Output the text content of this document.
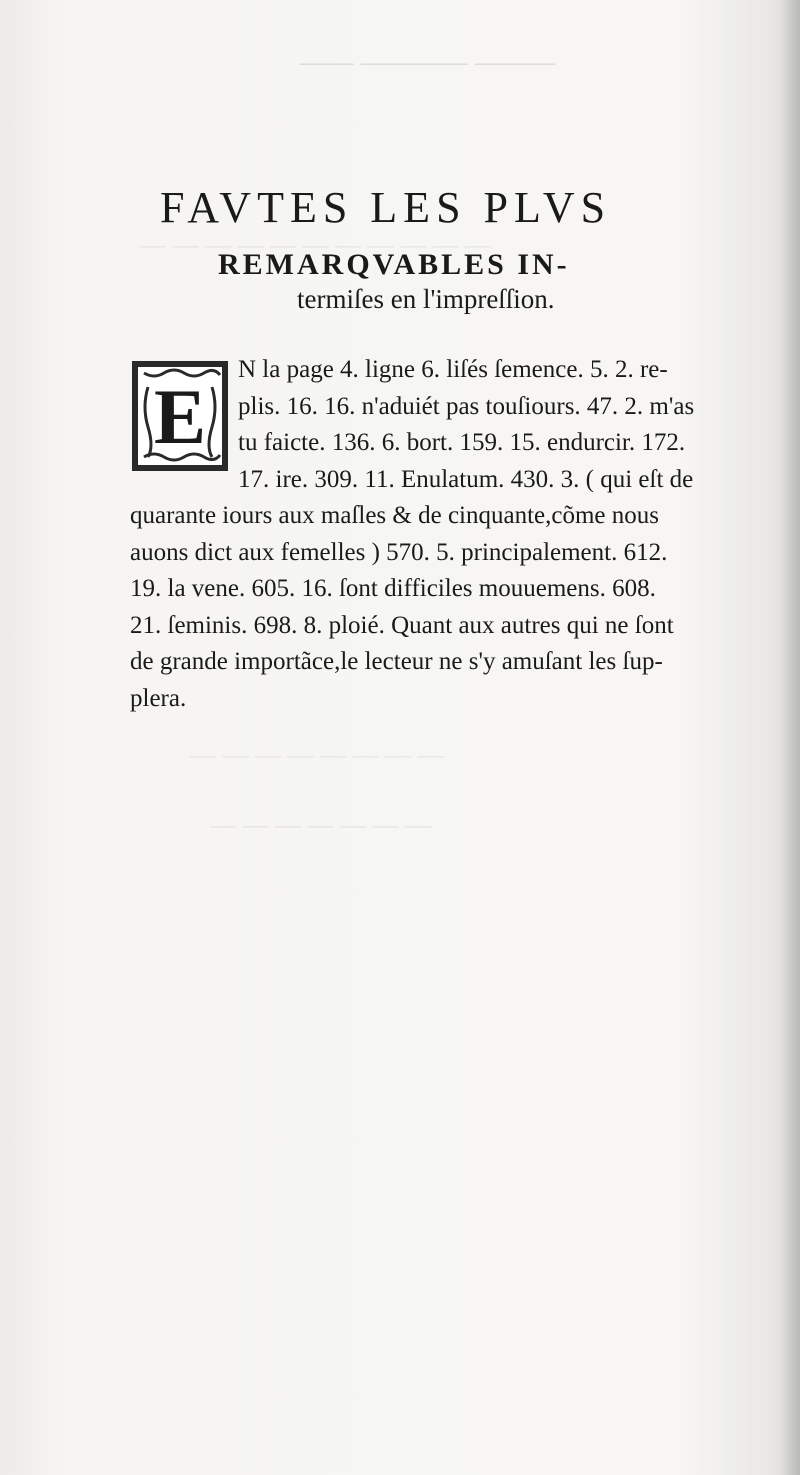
—— ———— ———
— — — — — — — — — — —
— — — — — — — —
— — — — — — —
FAVTES LES PLVS
REMARQVABLES IN-
termiſes en l'impreſſion.
E
N la page 4. ligne 6. liſés ſemence. 5. 2. re-
plis. 16. 16. n'aduiét pas touſiours. 47. 2. m'as
tu faicte. 136. 6. bort. 159. 15. endurcir. 172.
17. ire. 309. 11. Enulatum. 430. 3. ( qui eſt de
quarante iours aux maſles & de cinquante,cõme nous
auons dict aux femelles ) 570. 5. principalement. 612.
19. la vene. 605. 16. ſont difficiles mouuemens. 608.
21. ſeminis. 698. 8. ploié. Quant aux autres qui ne ſont
de grande importãce,le lecteur ne s'y amuſant les ſup-
plera.
